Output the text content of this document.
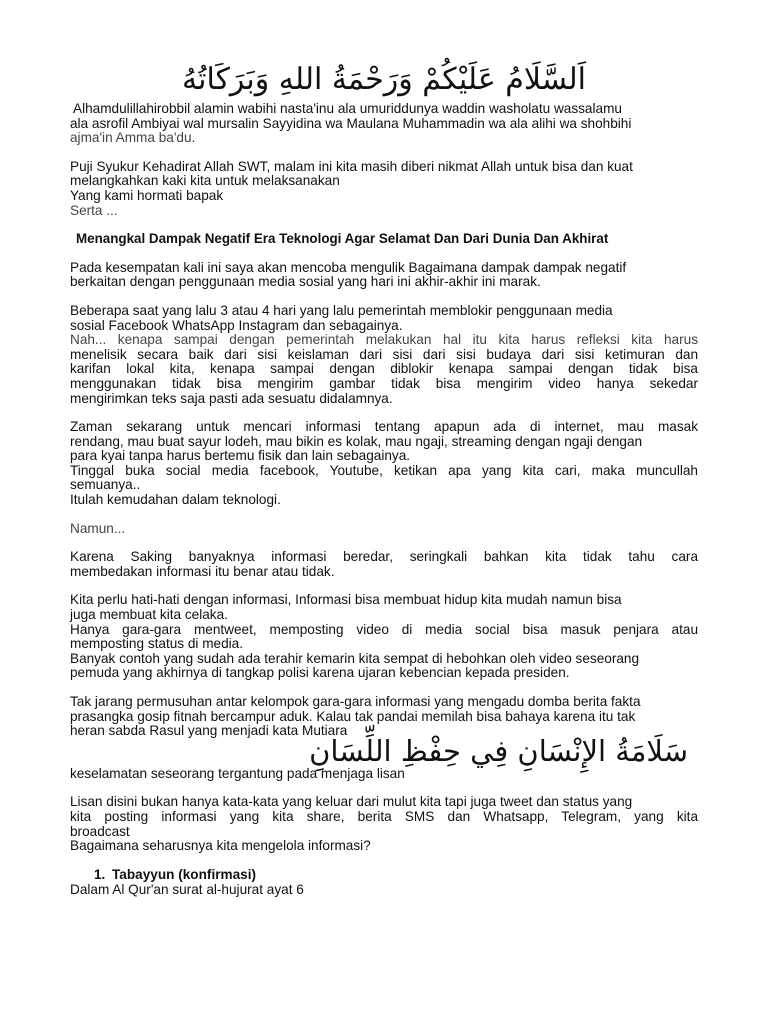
اَلسَّلَامُ عَلَيْكُمْ وَرَحْمَةُ اللهِ وَبَرَكَاتُهُ

Alhamdulillahirobbil alamin wabihi nasta'inu ala umuriddunya waddin washolatu wassalamu

ala asrofil Ambiyai wal mursalin Sayyidina wa Maulana Muhammadin wa ala alihi wa shohbihi

ajma'in Amma ba'du.

Puji Syukur Kehadirat Allah SWT, malam ini kita masih diberi nikmat Allah untuk bisa dan kuat

melangkahkan kaki kita untuk melaksanakan

Yang kami hormati bapak

Serta ...

Menangkal Dampak Negatif Era Teknologi Agar Selamat Dan Dari Dunia Dan Akhirat

Pada kesempatan kali ini saya akan mencoba mengulik Bagaimana dampak dampak negatif

berkaitan dengan penggunaan media sosial yang hari ini akhir-akhir ini marak.

Beberapa saat yang lalu 3 atau 4 hari yang lalu pemerintah memblokir penggunaan media

sosial Facebook WhatsApp Instagram dan sebagainya.

Nah... kenapa sampai dengan pemerintah melakukan hal itu kita harus refleksi kita harus

menelisik secara baik dari sisi keislaman dari sisi dari sisi budaya dari sisi ketimuran dan

karifan lokal kita, kenapa sampai dengan diblokir kenapa sampai dengan tidak bisa

menggunakan tidak bisa mengirim gambar tidak bisa mengirim video hanya sekedar

mengirimkan teks saja pasti ada sesuatu didalamnya.

Zaman sekarang untuk mencari informasi tentang apapun ada di internet, mau masak

rendang, mau buat sayur lodeh, mau bikin es kolak, mau ngaji, streaming dengan ngaji dengan

para kyai tanpa harus bertemu fisik dan lain sebagainya.

Tinggal buka social media facebook, Youtube, ketikan apa yang kita cari, maka muncullah

semuanya..

Itulah kemudahan dalam teknologi.

Namun...

Karena Saking banyaknya informasi beredar, seringkali bahkan kita tidak tahu cara

membedakan informasi itu benar atau tidak.

Kita perlu hati-hati dengan informasi, Informasi bisa membuat hidup kita mudah namun bisa

juga membuat kita celaka.

Hanya gara-gara mentweet, memposting video di media social bisa masuk penjara atau

memposting status di media.

Banyak contoh yang sudah ada terahir kemarin kita sempat di hebohkan oleh video seseorang

pemuda yang akhirnya di tangkap polisi karena ujaran kebencian kepada presiden.

Tak jarang permusuhan antar kelompok gara-gara informasi yang mengadu domba berita fakta

prasangka gosip fitnah bercampur aduk. Kalau tak pandai memilah bisa bahaya karena itu tak

heran sabda Rasul yang menjadi kata Mutiara

سَلَامَةُ الإِنْسَانِ فِي حِفْظِ اللِّسَانِ

keselamatan seseorang tergantung pada menjaga lisan

Lisan disini bukan hanya kata-kata yang keluar dari mulut kita tapi juga tweet dan status yang

kita posting informasi yang kita share, berita SMS dan Whatsapp, Telegram, yang kita

broadcast

Bagaimana seharusnya kita mengelola informasi?

1. Tabayyun (konfirmasi)

Dalam Al Qur'an surat al-hujurat ayat 6
